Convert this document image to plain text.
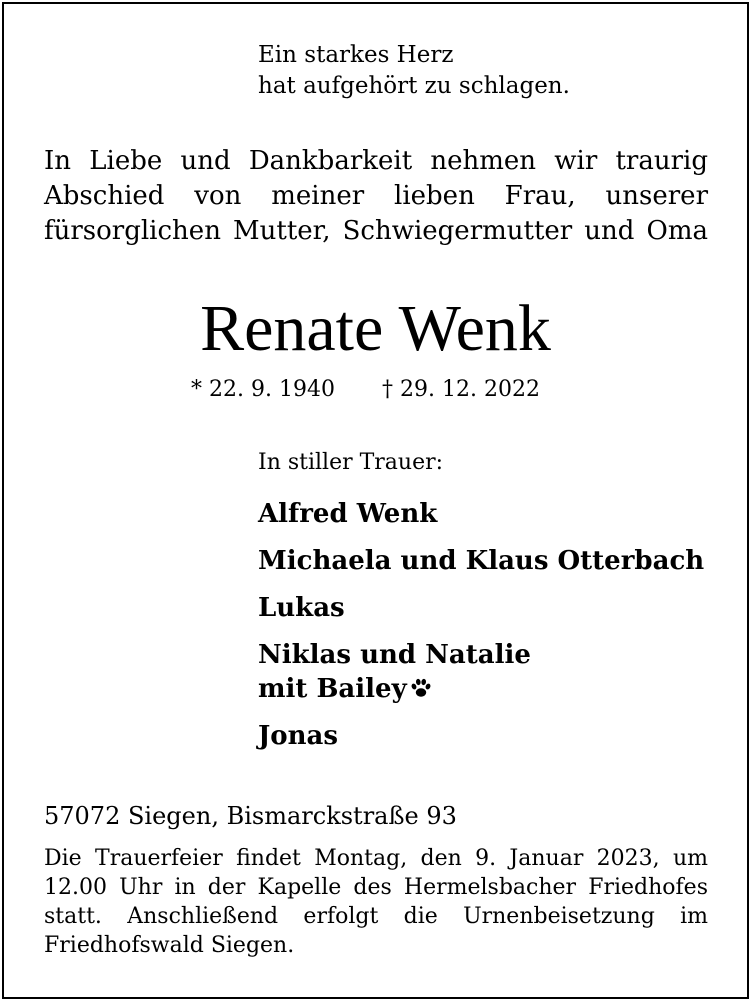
Ein starkes Herz
hat aufgehört zu schlagen.
In Liebe und Dankbarkeit nehmen wir traurig
Abschied von meiner lieben Frau, unserer
fürsorglichen Mutter, Schwiegermutter und Oma
Renate Wenk
* 22. 9. 1940 † 29. 12. 2022
In stiller Trauer:
Alfred Wenk
Michaela und Klaus Otterbach
Lukas
Niklas und Natalie
mit Bailey
Jonas
57072 Siegen, Bismarckstraße 93
Die Trauerfeier findet Montag, den 9. Januar 2023, um
12.00 Uhr in der Kapelle des Hermelsbacher Friedhofes
statt. Anschließend erfolgt die Urnenbeisetzung im
Friedhofswald Siegen.
